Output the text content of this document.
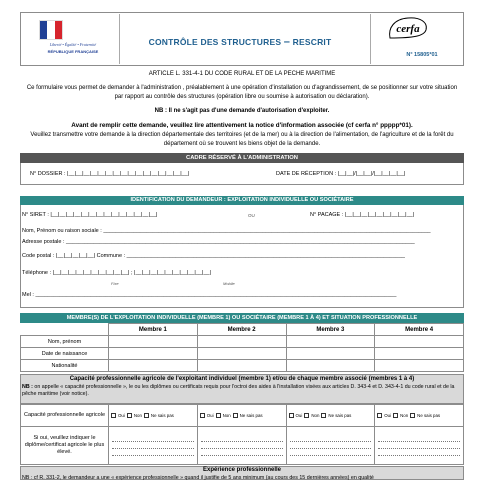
Liberté • Égalité • Fraternité
RÉPUBLIQUE FRANÇAISE
CONTRÔLE DES STRUCTURES – RESCRIT
cerfa
N° 15805*01
ARTICLE L. 331-4-1 DU CODE RURAL ET DE LA PECHE MARITIME
Ce formulaire vous permet de demander à l'administration , préalablement à une opération d'installation ou d'agrandissement, de se positionner sur votre situation par rapport au contrôle des structures (opération libre ou soumise à autorisation ou déclaration).
NB : Il ne s'agit pas d'une demande d'autorisation d'exploiter.
Avant de remplir cette demande, veuillez lire attentivement la notice d'information associée (cf cerfa n° ppppp*01).
Veuillez transmettre votre demande à la direction départementale des territoires (et de la mer) ou à la direction de l'alimentation, de l'agriculture et de la forêt du département où se trouvent les biens objet de la demande.
CADRE RÉSERVÉ À L'ADMINISTRATION
N° DOSSIER : |__|__|__|__|__|__|__|__|__|__|__|__|__|__|__|__|	DATE DE RÉCEPTION : |__|__|/|__|__|/|__|__|__|__|
IDENTIFICATION DU DEMANDEUR : EXPLOITATION INDIVIDUELLE OU SOCIÉTAIRE
N° SIRET : |__|__|__|__|__|__|__|__|__|__|__|__|__|__|	OU	N° PACAGE : |__|__|__|__|__|__|__|__|__|
Nom, Prénom ou raison sociale : ___________________________________________________________________________________________________________
Adresse postale : __________________________________________________________________________________________________________________
Code postal : |__|__|__|__|__| Commune : ___________________________________________________________________________________________
Téléphone : |__|__|__|__|__|__|__|__|__|__| ; |__|__|__|__|__|__|__|__|__|__|
Fixe	Mobile
Mel : ______________________________________________________________________________________________________________________
MEMBRE(S) DE L'EXPLOITATION INDIVIDUELLE (MEMBRE 1) OU SOCIÉTAIRE (MEMBRE 1 À 4) ET SITUATION PROFESSIONNELLE
	Membre 1	Membre 2	Membre 3	Membre 4
Nom, prénom				
Date de naissance				
Nationalité				
Capacité professionnelle agricole de l'exploitant individuel (membre 1) et/ou de chaque membre associé (membres 1 à 4)
NB : on appelle « capacité professionnelle », le ou les diplômes ou certificats requis pour l'octroi des aides à l'installation visées aux articles D. 343-4 et D. 343-4-1 du code rural et de la pêche maritime (voir notice).
Capacité professionnelle agricole	Oui Non Ne sais pas	Oui Non Ne sais pas	Oui Non Ne sais pas	Oui Non Ne sais pas

Si oui, veuillez indiquer le diplôme/certificat agricole le plus élevé.	

Expérience professionnelle
NB : cf R. 331-2, le demandeur a une « expérience professionnelle » quand il justifie de 5 ans minimum (au cours des 15 dernières années) en qualité
